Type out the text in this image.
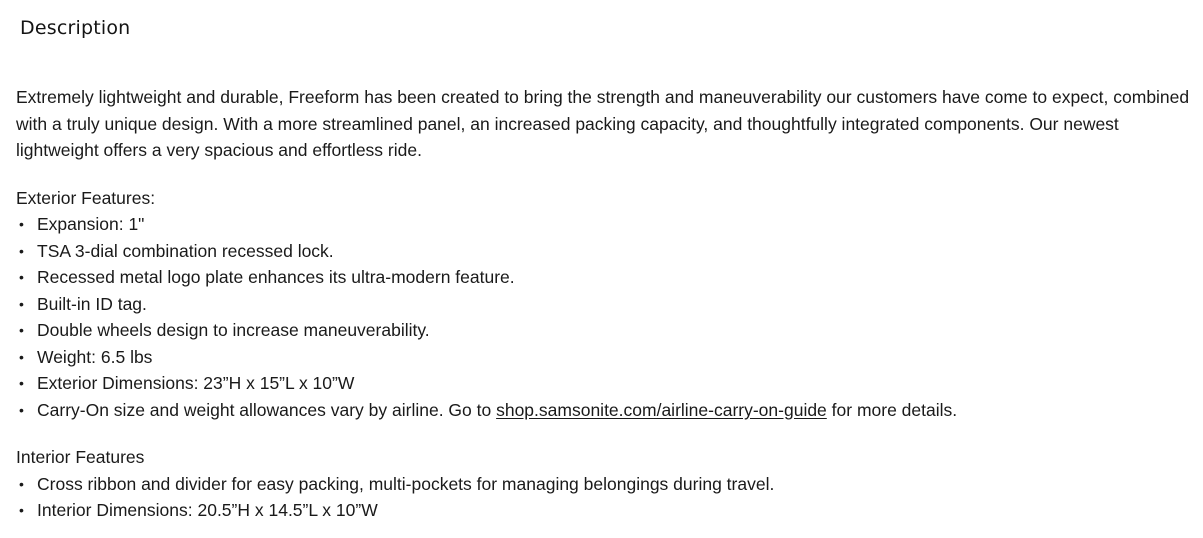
Description

Extremely lightweight and durable, Freeform has been created to bring the strength and maneuverability our customers have come to expect, combined with a truly unique design. With a more streamlined panel, an increased packing capacity, and thoughtfully integrated components. Our newest lightweight offers a very spacious and effortless ride.

Exterior Features:
• Expansion: 1"
• TSA 3-dial combination recessed lock.
• Recessed metal logo plate enhances its ultra-modern feature.
• Built-in ID tag.
• Double wheels design to increase maneuverability.
• Weight: 6.5 lbs
• Exterior Dimensions: 23”H x 15”L x 10”W
• Carry-On size and weight allowances vary by airline. Go to shop.samsonite.com/airline-carry-on-guide for more details.
Interior Features
• Cross ribbon and divider for easy packing, multi-pockets for managing belongings during travel.
• Interior Dimensions: 20.5”H x 14.5”L x 10”W
